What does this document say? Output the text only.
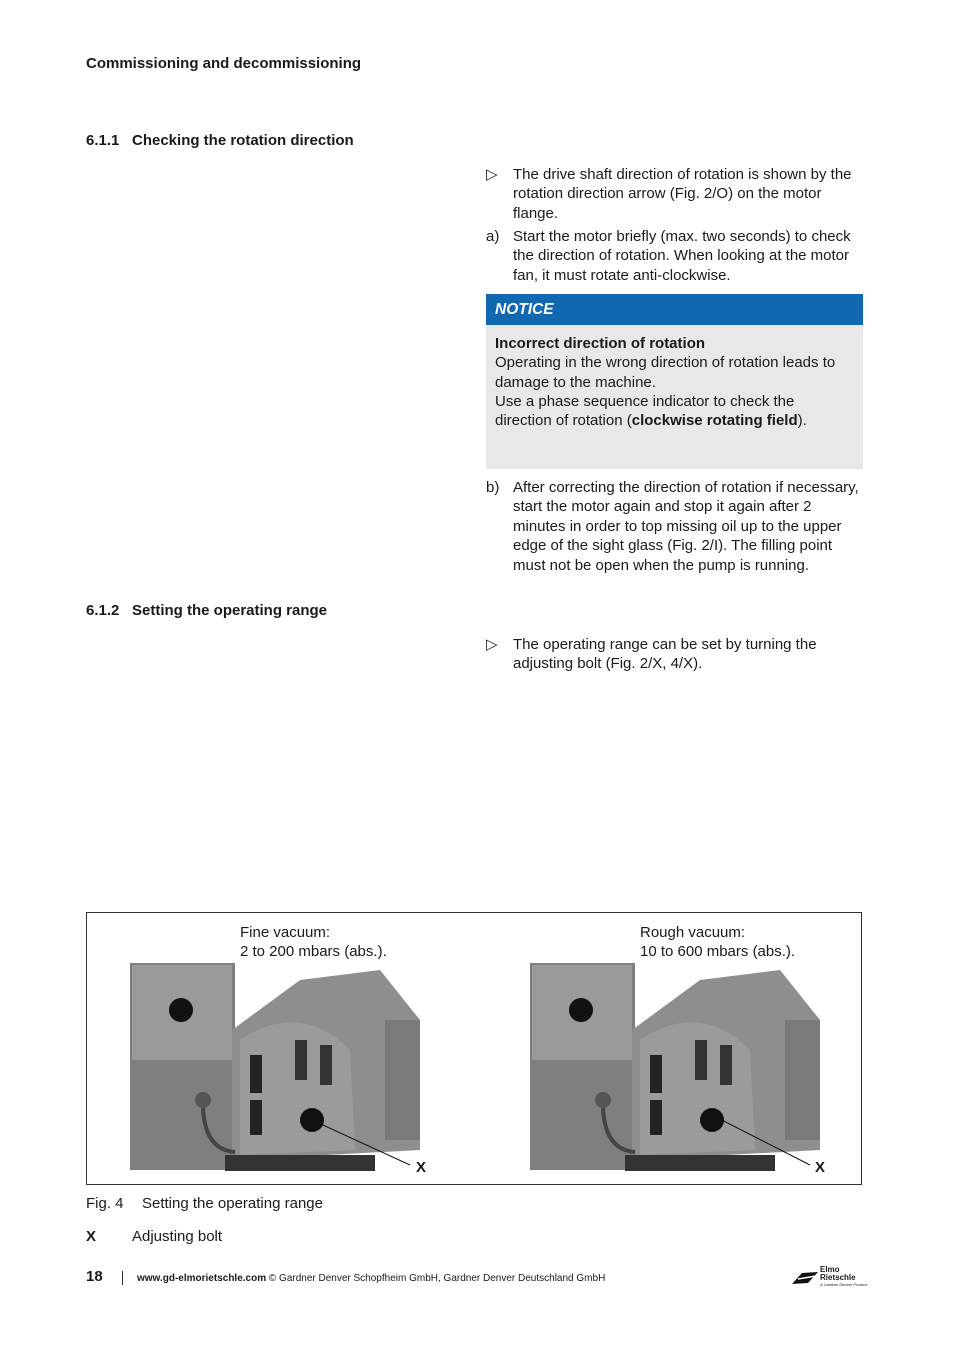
Commissioning and decommissioning
6.1.1 Checking the rotation direction
▷	The drive shaft direction of rotation is shown by the rotation direction arrow (Fig. 2/O) on the motor flange.
a) Start the motor briefly (max. two seconds) to check the direction of rotation. When looking at the motor fan, it must rotate anti-clockwise.
NOTICE
Incorrect direction of rotation
Operating in the wrong direction of rotation leads to damage to the machine.
Use a phase sequence indicator to check the direction of rotation (clockwise rotating field).
b) After correcting the direction of rotation if necessary, start the motor again and stop it again after 2 minutes in order to top missing oil up to the upper edge of the sight glass (Fig. 2/I). The filling point must not be open when the pump is running.
6.1.2 Setting the operating range
▷	The operating range can be set by turning the adjusting bolt (Fig. 2/X, 4/X).
Fine vacuum:
2 to 200 mbars (abs.).
Rough vacuum:
10 to 600 mbars (abs.).
X	X
Fig. 4 Setting the operating range
X Adjusting bolt
18	www.gd-elmorietschle.com © Gardner Denver Schopfheim GmbH, Gardner Denver Deutschland GmbH
Elmo
Rietschle
A Gardner Denver Product
